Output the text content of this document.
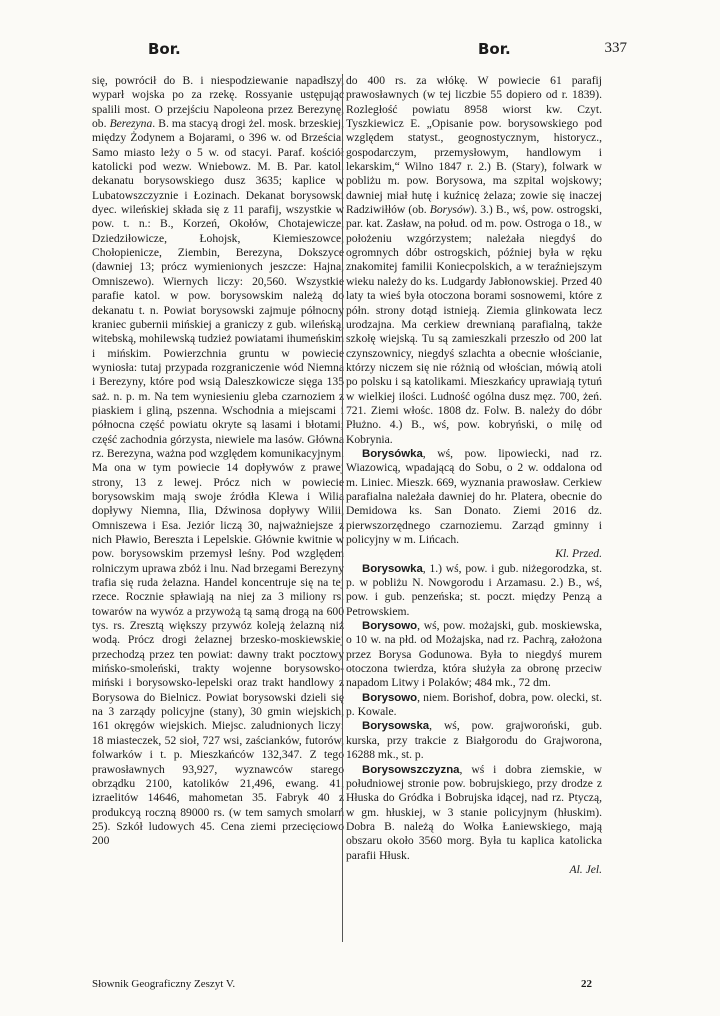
Bor.	Bor.	337

się, powrócił do B. i niespodziewanie napadłszy, wyparł wojska po za rzekę. Rossyanie ustępując spalili most. O przejściu Napoleona przez Berezynę, ob. Berezyna. B. ma stacyą drogi żel. mosk. brzeskiej, między Żodynem a Bojarami, o 396 w. od Brześcia. Samo miasto leży o 5 w. od stacyi. Paraf. kościół katolicki pod wezw. Wniebowz. M. B. Par. katol. dekanatu borysowskiego dusz 3635; kaplice w Lubatowszczyznie i Łozinach. Dekanat borysowski dyec. wileńskiej składa się z 11 parafij, wszystkie w pow. t. n.: B., Korzeń, Okołów, Chotajewicze, Dziedziłowicze, Łohojsk, Kiemieszowce, Chołopienicze, Ziembin, Berezyna, Dokszyce (dawniej 13; prócz wymienionych jeszcze: Hajna, Omniszewo). Wiernych liczy: 20,560. Wszystkie parafie katol. w pow. borysowskim należą do dekanatu t. n. Powiat borysowski zajmuje północny kraniec gubernii mińskiej a graniczy z gub. wileńską, witebską, mohilewską tudzież powiatami ihumeńskim i mińskim. Powierzchnia gruntu w powiecie wyniosła: tutaj przypada rozgraniczenie wód Niemna i Berezyny, które pod wsią Daleszkowicze sięga 135 saż. n. p. m. Na tem wyniesieniu gleba czarnoziem z piaskiem i gliną, pszenna. Wschodnia a miejscami i północna część powiatu okryte są lasami i błotami; część zachodnia górzysta, niewiele ma lasów. Główna rz. Berezyna, ważna pod względem komunikacyjnym. Ma ona w tym powiecie 14 dopływów z prawej strony, 13 z lewej. Prócz nich w powiecie borysowskim mają swoje źródła Klewa i Wilia dopływy Niemna, Ilia, Dźwinosa dopływy Wilii, Omniszewa i Esa. Jeziór liczą 30, najważniejsze z nich Pławio, Beresztа i Lepelskie. Głównie kwitnie w pow. borysowskim przemysł leśny. Pod względem rolniczym uprawa zbóż i lnu. Nad brzegami Berezyny trafia się ruda żelazna. Handel koncentruje się na tej rzece. Rocznie spławiają na niej za 3 miliony rs. towarów na wywóz a przywożą tą samą drogą na 600 tys. rs. Zresztą większy przywóz koleją żelazną niż wodą. Prócz drogi żelaznej brzesko-moskiewskiej przechodzą przez ten powiat: dawny trakt pocztowy mińsko-smoleński, trakty wojenne borysowsko-miński i borysowsko-lepelski oraz trakt handlowy z Borysowa do Bielnicz. Powiat borysowski dzieli się na 3 zarządy policyjne (stany), 30 gmin wiejskich, 161 okręgów wiejskich. Miejsc. zaludnionych liczy: 18 miasteczek, 52 sioł, 727 wsi, zaścianków, futorów, folwarków i t. p. Mieszkańców 132,347. Z tego prawosławnych 93,927, wyznawców starego obrządku 2100, katolików 21,496, ewang. 41, izraelitów 14646, mahometan 35. Fabryk 40 z produkcyą roczną 89000 rs. (w tem samych smolarń 25). Szkół ludowych 45. Cena ziemi przecięciowo 200

do 400 rs. za włókę. W powiecie 61 parafij prawosławnych (w tej liczbie 55 dopiero od r. 1839). Rozległość powiatu 8958 wiorst kw. Czyt. Tyszkiewicz E. „Opisanie pow. borysowskiego pod względem statyst., geognostycznym, historycz., gospodarczym, przemysłowym, handlowym i lekarskim,“ Wilno 1847 r. 2.) B. (Stary), folwark w pobliżu m. pow. Borysowa, ma szpital wojskowy; dawniej miał hutę i kuźnicę żelaza; zowie się inaczej Radziwiłłów (ob. Borysów). 3.) B., wś, pow. ostrogski, par. kat. Zasław, na połud. od m. pow. Ostroga o 18., w położeniu wzgórzystem; należała niegdyś do ogromnych dóbr ostrogskich, później była w ręku znakomitej familii Koniecpolskich, a w teraźniejszym wieku należy do ks. Ludgardy Jabłonowskiej. Przed 40 laty ta wieś była otoczona borami sosnowemi, które z półn. strony dotąd istnieją. Ziemia glinkowata lecz urodzajna. Ma cerkiew drewnianą parafialną, także szkołę wiejską. Tu są zamieszkali przeszło od 200 lat czynszownicy, niegdyś szlachta a obecnie włościanie, którzy niczem się nie różnią od włościan, mówią atoli po polsku i są katolikami. Mieszkańcy uprawiają tytuń w wielkiej ilości. Ludność ogólna dusz męz. 700, żeń. 721. Ziemi włośc. 1808 dz. Folw. B. należy do dóbr Płużno. 4.) B., wś, pow. kobryński, o milę od Kobrynia.

Borysówka, wś, pow. lipowiecki, nad rz. Wiazowicą, wpadającą do Sobu, o 2 w. oddalona od m. Liniec. Mieszk. 669, wyznania prawosław. Cerkiew parafialna należała dawniej do hr. Platera, obecnie do Demidowa ks. San Donato. Ziemi 2016 dz. pierwszorzędnego czarnoziemu. Zarząd gminny i policyjny w m. Lińcach.

Kl. Przed.

Borysowka, 1.) wś, pow. i gub. niżegorodzka, st. p. w pobliżu N. Nowgorodu i Arzamasu. 2.) B., wś, pow. i gub. penzeńska; st. poczt. między Penzą a Petrowskiem.

Borysowo, wś, pow. możajski, gub. moskiewska, o 10 w. na płd. od Możajska, nad rz. Pachrą, założona przez Borysa Godunowa. Była to niegdyś murem otoczona twierdza, która służyła za obronę przeciw napadom Litwy i Polaków; 484 mk., 72 dm.

Borysowo, niem. Borishof, dobra, pow. olecki, st. p. Kowale.

Borysowska, wś, pow. grajworoński, gub. kurska, przy trakcie z Białgorodu do Grajworona, 16288 mk., st. p.

Borysowszczyzna, wś i dobra ziemskie, w południowej stronie pow. bobrujskiego, przy drodze z Hłuska do Gródka i Bobrujska idącej, nad rz. Ptyczą, w gm. hłuskiej, w 3 stanie policyjnym (hłuskim). Dobra B. należą do Wołka Łaniewskiego, mają obszaru około 3560 morg. Była tu kaplica katolicka parafii Hłusk.

Al. Jel.

Słownik Geograficzny Zeszyt V.	22
